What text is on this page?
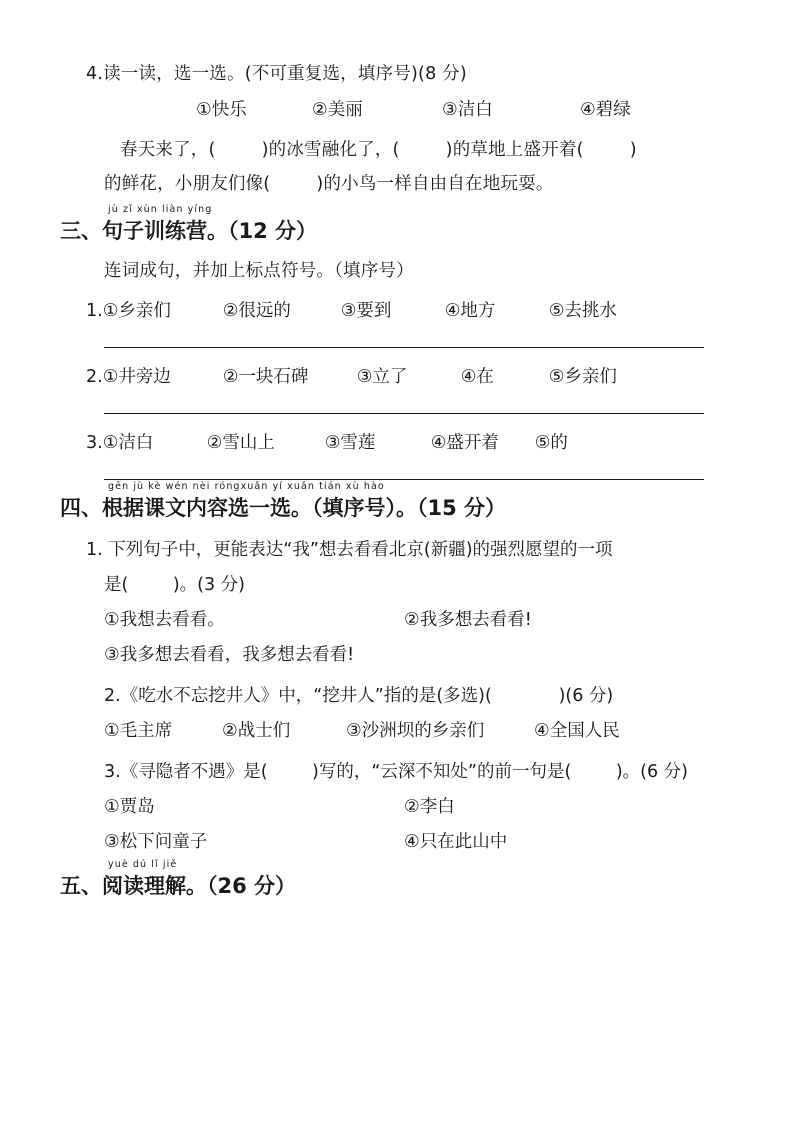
4.读一读，选一选。(不可重复选，填序号)(8 分)
①快乐	②美丽	③洁白	④碧绿
春天来了，(        )的冰雪融化了，(        )的草地上盛开着(        )
的鲜花，小朋友们像(        )的小鸟一样自由自在地玩耍。
jù zǐ xùn liàn yíng
三、句子训练营。（12 分）
连词成句，并加上标点符号。（填序号）
1. ①乡亲们	②很远的	③要到	④地方	⑤去挑水
2. ①井旁边	②一块石碑	③立了	④在	⑤乡亲们
3. ①洁白	②雪山上	③雪莲	④盛开着	⑤的
gēn jù kè wén nèi róngxuǎn yí xuǎn tián xù hào
四、根据课文内容选一选。（填序号）。（15 分）
1. 下列句子中，更能表达“我”想去看看北京(新疆)的强烈愿望的一项
是(        )。(3 分)
①我想去看看。	②我多想去看看!
③我多想去看看，我多想去看看!
2.《吃水不忘挖井人》中，“挖井人”指的是(多选)(            )(6 分)
①毛主席	②战士们	③沙洲坝的乡亲们	④全国人民
3.《寻隐者不遇》是(        )写的，“云深不知处”的前一句是(        )。(6 分)
①贾岛	②李白
③松下问童子	④只在此山中
yuè dú lǐ jiě
五、阅读理解。（26 分）
